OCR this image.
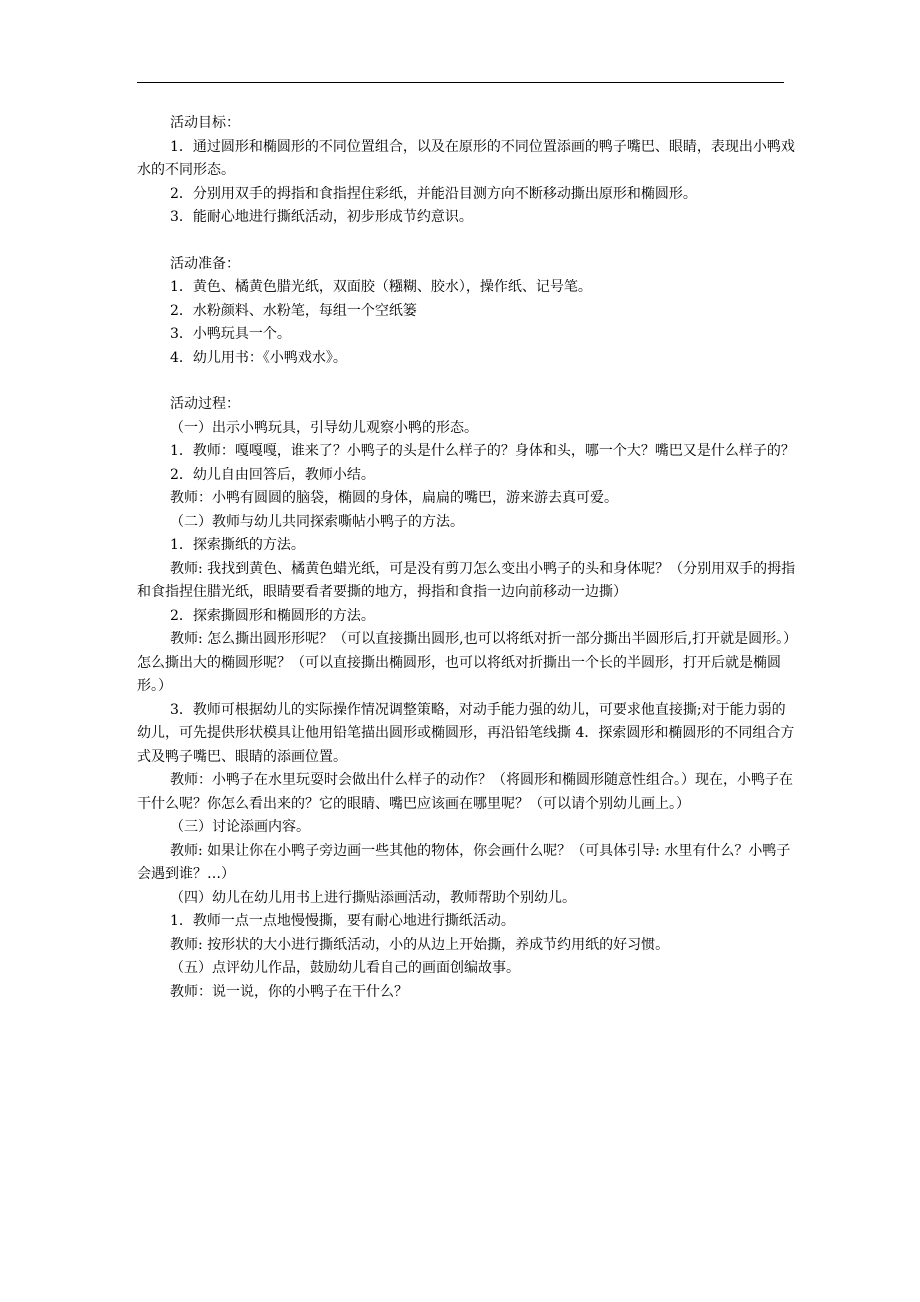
活动目标：

1．通过圆形和椭圆形的不同位置组合，以及在原形的不同位置添画的鸭子嘴巴、眼睛，表现出小鸭戏水的不同形态。

2．分别用双手的拇指和食指捏住彩纸，并能沿目测方向不断移动撕出原形和椭圆形。

3．能耐心地进行撕纸活动，初步形成节约意识。

活动准备：

1．黄色、橘黄色腊光纸，双面胶（糨糊、胶水），操作纸、记号笔。

2．水粉颜料、水粉笔，每组一个空纸篓

3．小鸭玩具一个。

4．幼儿用书：《小鸭戏水》。

活动过程：

（一）出示小鸭玩具，引导幼儿观察小鸭的形态。

1．教师：嘎嘎嘎，谁来了？小鸭子的头是什么样子的？身体和头，哪一个大？嘴巴又是什么样子的？

2．幼儿自由回答后，教师小结。

教师：小鸭有圆圆的脑袋，椭圆的身体，扁扁的嘴巴，游来游去真可爱。

（二）教师与幼儿共同探索嘶帖小鸭子的方法。

1．探索撕纸的方法。

教师: 我找到黄色、橘黄色蜡光纸，可是没有剪刀怎么变出小鸭子的头和身体呢？（分别用双手的拇指和食指捏住腊光纸，眼睛要看者要撕的地方，拇指和食指一边向前移动一边撕）

2．探索撕圆形和椭圆形的方法。

教师: 怎么撕出圆形形呢？（可以直接撕出圆形,也可以将纸对折一部分撕出半圆形后,打开就是圆形。）怎么撕出大的椭圆形呢？（可以直接撕出椭圆形，也可以将纸对折撕出一个长的半圆形，打开后就是椭圆形。）

3．教师可根据幼儿的实际操作情况调整策略，对动手能力强的幼儿，可要求他直接撕;对于能力弱的幼儿，可先提供形状模具让他用铅笔描出圆形或椭圆形，再沿铅笔线撕 4．探索圆形和椭圆形的不同组合方式及鸭子嘴巴、眼睛的添画位置。

教师：小鸭子在水里玩耍时会做出什么样子的动作？（将圆形和椭圆形随意性组合。）现在，小鸭子在干什么呢？你怎么看出来的？它的眼睛、嘴巴应该画在哪里呢？（可以请个别幼儿画上。）

（三）讨论添画内容。

教师: 如果让你在小鸭子旁边画一些其他的物体，你会画什么呢？（可具体引导: 水里有什么？小鸭子会遇到谁？…）

（四）幼儿在幼儿用书上进行撕贴添画活动，教师帮助个别幼儿。

1．教师一点一点地慢慢撕，要有耐心地进行撕纸活动。

教师: 按形状的大小进行撕纸活动，小的从边上开始撕，养成节约用纸的好习惯。

（五）点评幼儿作品，鼓励幼儿看自己的画面创编故事。

教师：说一说，你的小鸭子在干什么？
